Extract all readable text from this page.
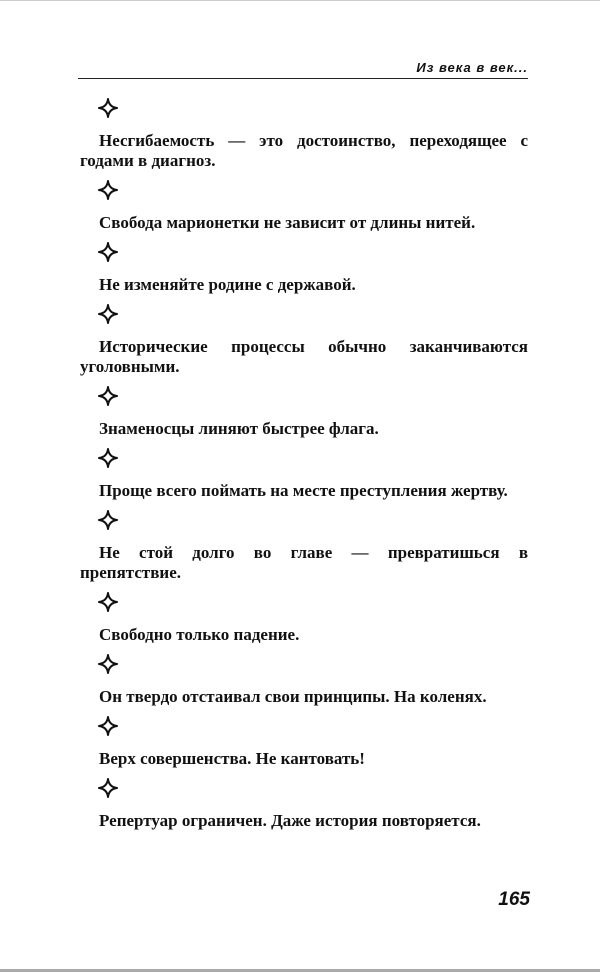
Из века в век...

Несгибаемость — это достоинство, переходящее с годами в диагноз.

Свобода марионетки не зависит от длины нитей.

Не изменяйте родине с державой.

Исторические процессы обычно заканчиваются уголовными.

Знаменосцы линяют быстрее флага.

Проще всего поймать на месте преступления жертву.

Не стой долго во главе — превратишься в препятствие.

Свободно только падение.

Он твердо отстаивал свои принципы. На коленях.

Верх совершенства. Не кантовать!

Репертуар ограничен. Даже история повторяется.

165
